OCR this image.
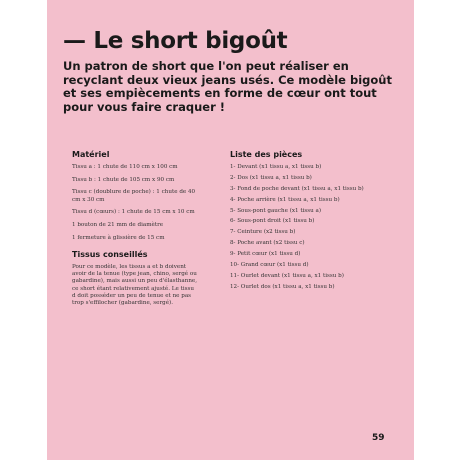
— Le short bigoût
Un patron de short que l'on peut réaliser en recyclant deux vieux jeans usés. Ce modèle bigoût et ses empiècements en forme de cœur ont tout pour vous faire craquer !
Matériel
Tissu a : 1 chute de 110 cm x 100 cm
Tissu b : 1 chute de 105 cm x 90 cm
Tissu c (doublure de poche) : 1 chute de 40 cm x 30 cm
Tissu d (cœurs) : 1 chute de 15 cm x 10 cm
1 bouton de 21 mm de diamètre
1 fermeture à glissière de 15 cm
Tissus conseillés
Pour ce modèle, les tissus a et b doivent avoir de la tenue (type jean, chino, sergé ou gabardine), mais aussi un peu d'élasthanne, ce short étant relativement ajusté. Le tissu d doit posséder un peu de tenue et ne pas trop s'effilocher (gabardine, sergé).
Liste des pièces
1- Devant (x1 tissu a, x1 tissu b)
2- Dos (x1 tissu a, x1 tissu b)
3- Fond de poche devant (x1 tissu a, x1 tissu b)
4- Poche arrière (x1 tissu a, x1 tissu b)
5- Sous-pont gauche (x1 tissu a)
6- Sous-pont droit (x1 tissu b)
7- Ceinture (x2 tissu b)
8- Poche avant (x2 tissu c)
9- Petit cœur (x1 tissu d)
10- Grand cœur (x1 tissu d)
11- Ourlet devant (x1 tissu a, x1 tissu b)
12- Ourlet dos (x1 tissu a, x1 tissu b)
59
